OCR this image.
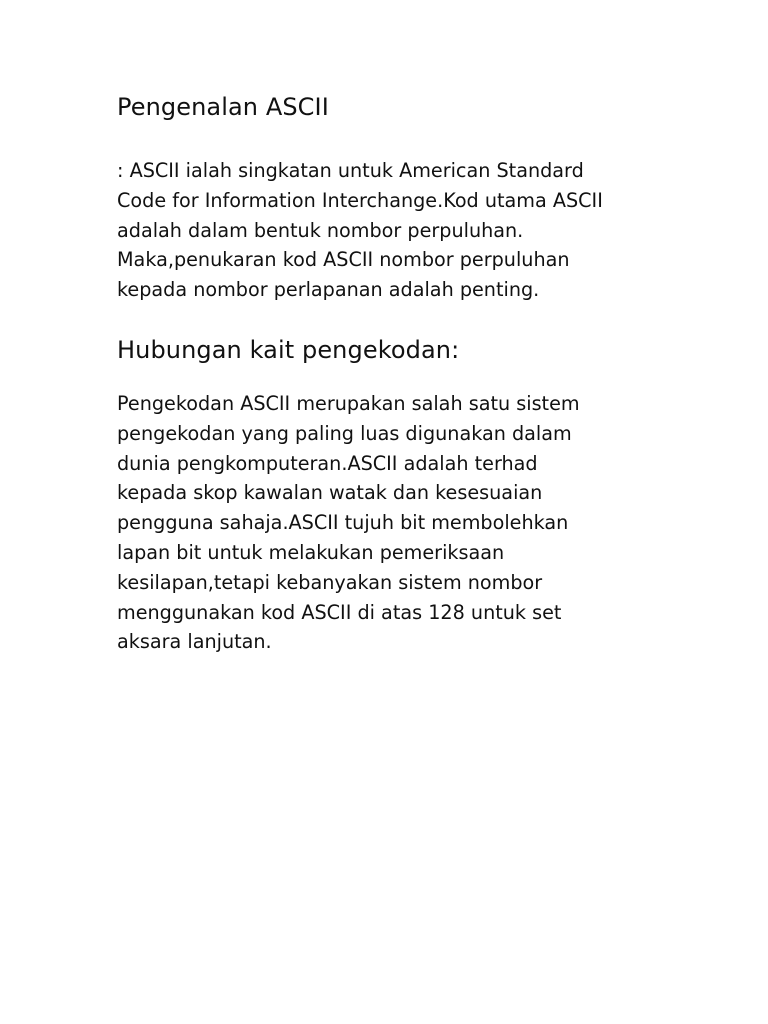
Pengenalan ASCII

: ASCII ialah singkatan untuk American Standard
Code for Information Interchange.Kod utama ASCII
adalah dalam bentuk nombor perpuluhan.
Maka,penukaran kod ASCII nombor perpuluhan
kepada nombor perlapanan adalah penting.

Hubungan kait pengekodan:

Pengekodan ASCII merupakan salah satu sistem
pengekodan yang paling luas digunakan dalam
dunia pengkomputeran.ASCII adalah terhad
kepada skop kawalan watak dan kesesuaian
pengguna sahaja.ASCII tujuh bit membolehkan
lapan bit untuk melakukan pemeriksaan
kesilapan,tetapi kebanyakan sistem nombor
menggunakan kod ASCII di atas 128 untuk set
aksara lanjutan.
